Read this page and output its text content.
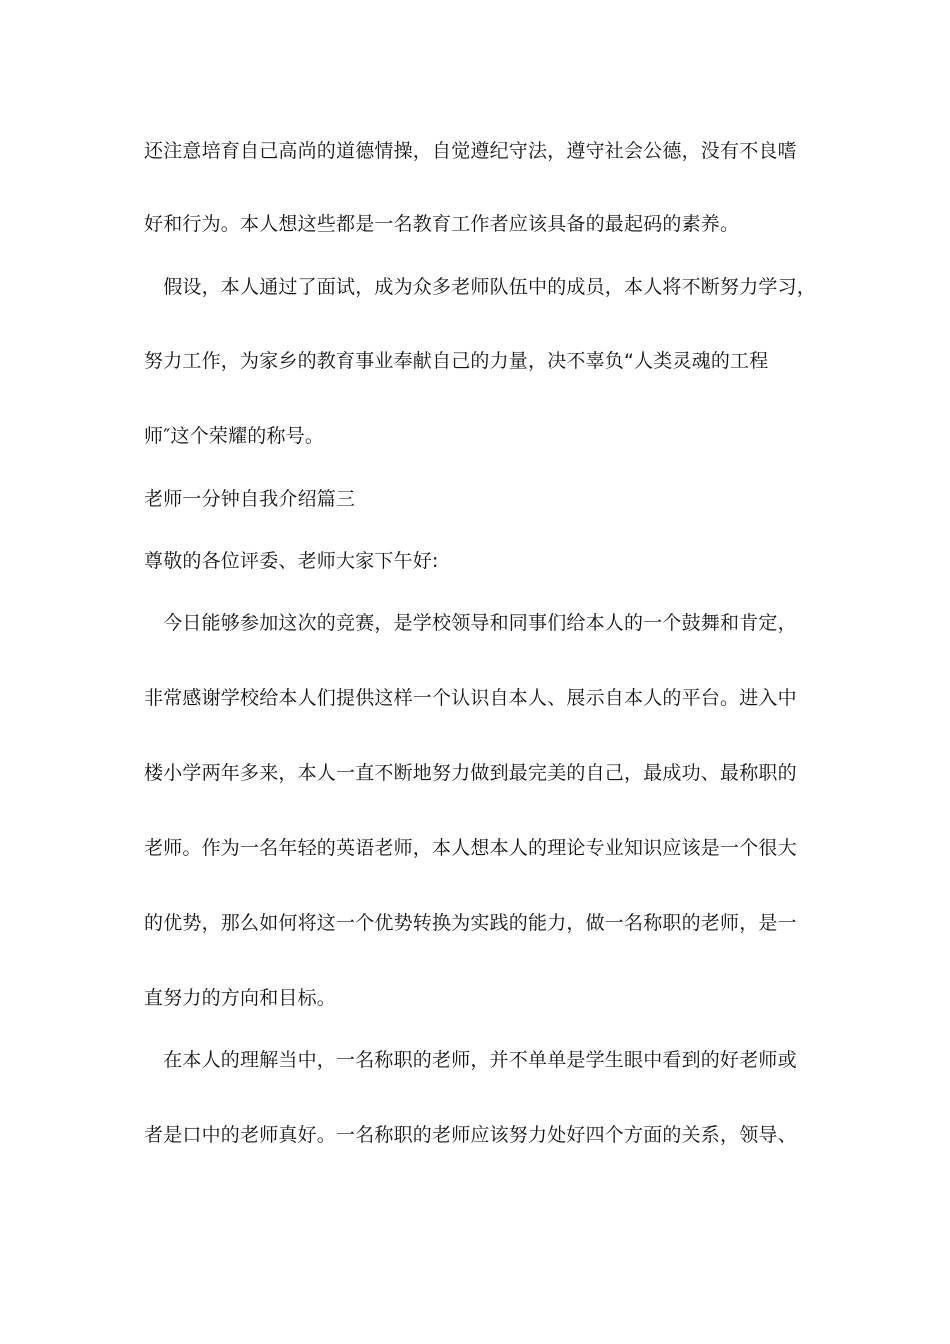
还注意培育自己高尚的道德情操，自觉遵纪守法，遵守社会公德，没有不良嗜
好和行为。本人想这些都是一名教育工作者应该具备的最起码的素养。
　假设，本人通过了面试，成为众多老师队伍中的成员，本人将不断努力学习，
努力工作，为家乡的教育事业奉献自己的力量，决不辜负“人类灵魂的工程
师″这个荣耀的称号。
老师一分钟自我介绍篇三
尊敬的各位评委、老师大家下午好:
　今日能够参加这次的竞赛，是学校领导和同事们给本人的一个鼓舞和肯定，
非常感谢学校给本人们提供这样一个认识自本人、展示自本人的平台。进入中
楼小学两年多来，本人一直不断地努力做到最完美的自己，最成功、最称职的
老师。作为一名年轻的英语老师，本人想本人的理论专业知识应该是一个很大
的优势，那么如何将这一个优势转换为实践的能力，做一名称职的老师，是一
直努力的方向和目标。
　在本人的理解当中，一名称职的老师，并不单单是学生眼中看到的好老师或
者是口中的老师真好。一名称职的老师应该努力处好四个方面的关系，领导、
